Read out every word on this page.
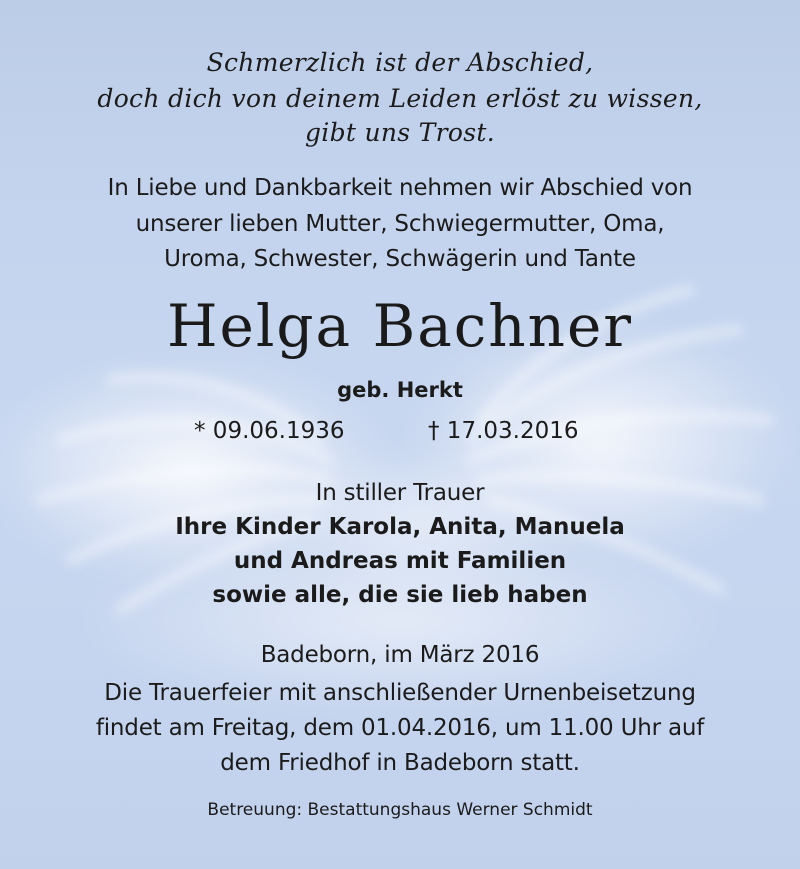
Schmerzlich ist der Abschied,
doch dich von deinem Leiden erlöst zu wissen,
gibt uns Trost.
In Liebe und Dankbarkeit nehmen wir Abschied von
unserer lieben Mutter, Schwiegermutter, Oma,
Uroma, Schwester, Schwägerin und Tante
Helga Bachner
geb. Herkt
* 09.06.1936	† 17.03.2016
In stiller Trauer
Ihre Kinder Karola, Anita, Manuela
und Andreas mit Familien
sowie alle, die sie lieb haben
Badeborn, im März 2016
Die Trauerfeier mit anschließender Urnenbeisetzung
findet am Freitag, dem 01.04.2016, um 11.00 Uhr auf
dem Friedhof in Badeborn statt.
Betreuung: Bestattungshaus Werner Schmidt
